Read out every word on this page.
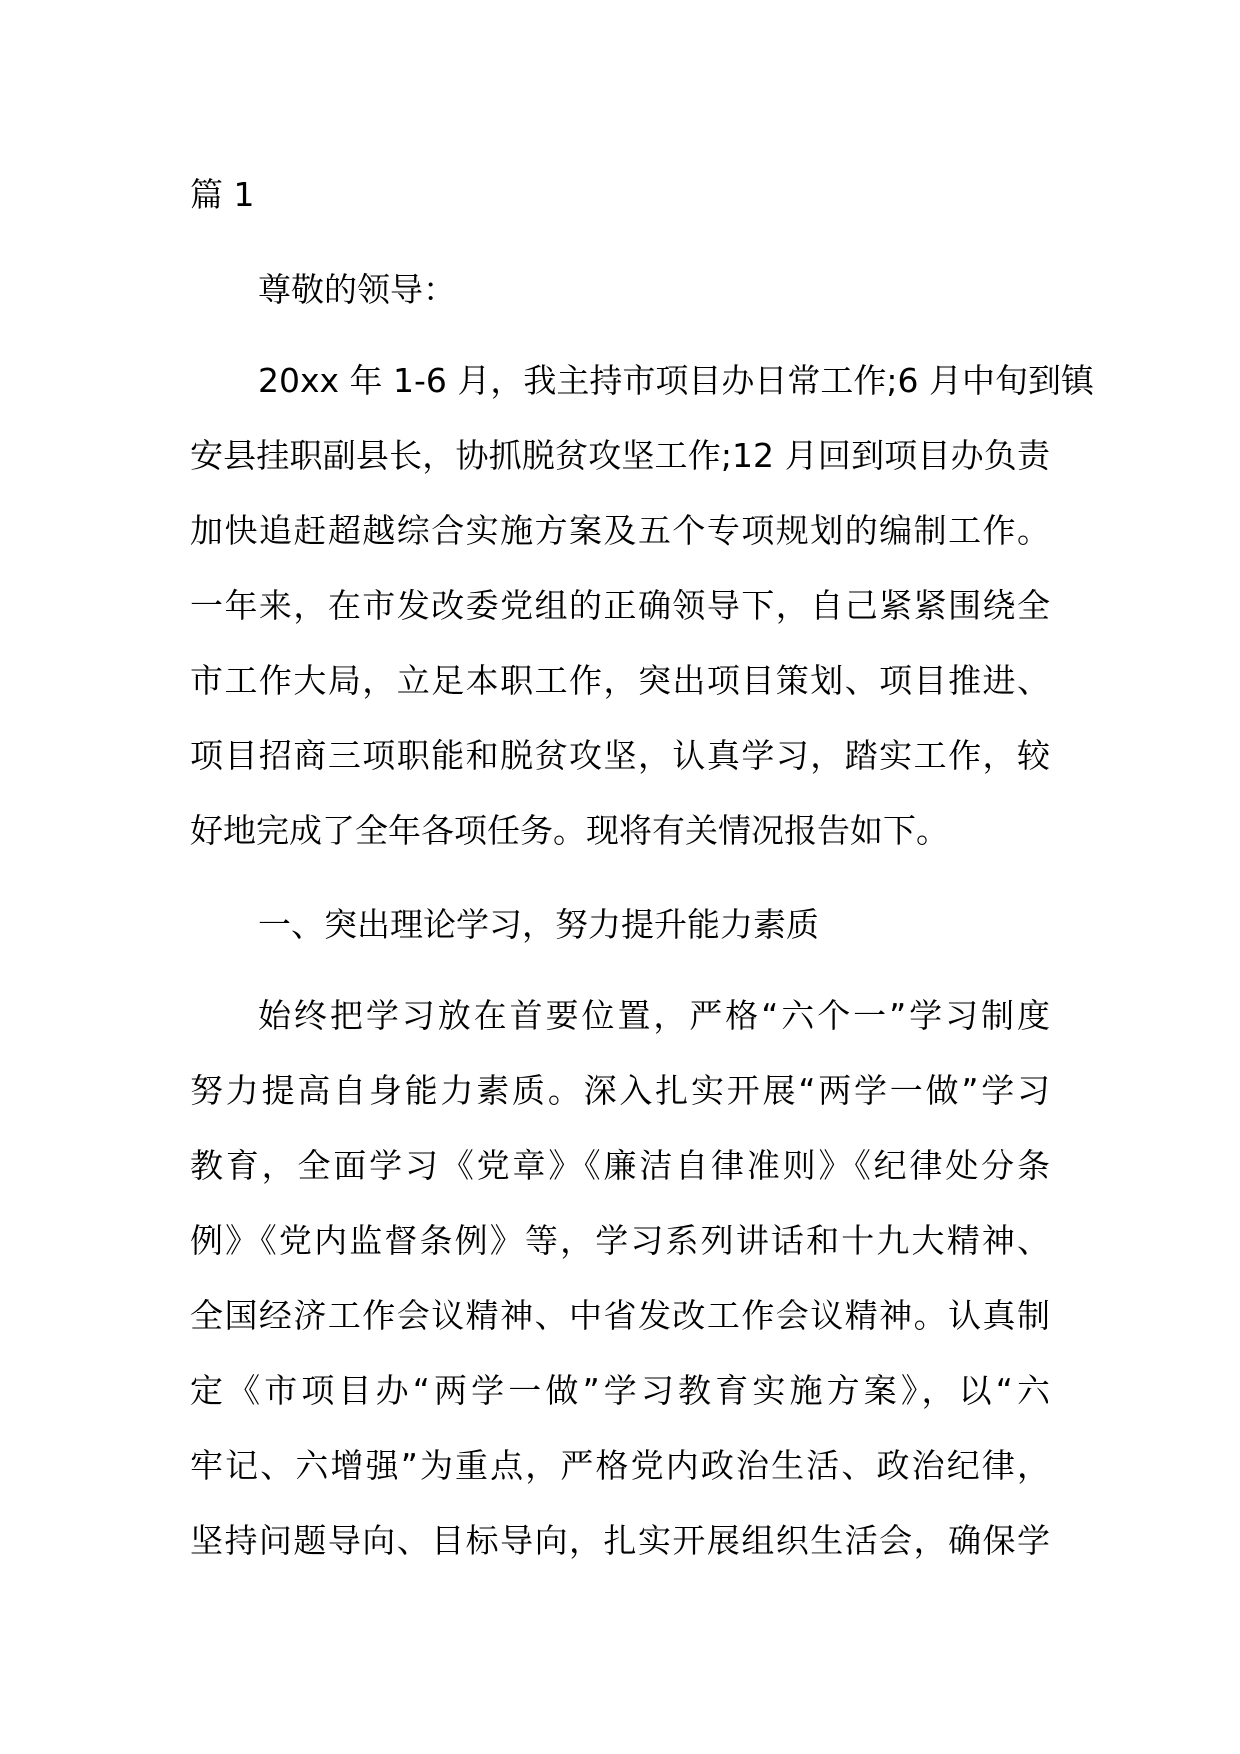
篇 1
尊敬的领导：
20xx 年 1-6 月，我主持市项目办日常工作;6 月中旬到镇
安县挂职副县长，协抓脱贫攻坚工作;12 月回到项目办负责
加快追赶超越综合实施方案及五个专项规划的编制工作。
一年来，在市发改委党组的正确领导下，自己紧紧围绕全
市工作大局，立足本职工作，突出项目策划、项目推进、
项目招商三项职能和脱贫攻坚，认真学习，踏实工作，较
好地完成了全年各项任务。现将有关情况报告如下。
一、突出理论学习，努力提升能力素质
始终把学习放在首要位置，严格“六个一”学习制度
努力提高自身能力素质。深入扎实开展“两学一做”学习
教育，全面学习《党章》《廉洁自律准则》《纪律处分条
例》《党内监督条例》等，学习系列讲话和十九大精神、
全国经济工作会议精神、中省发改工作会议精神。认真制
定《市项目办“两学一做”学习教育实施方案》，以“六
牢记、六增强”为重点，严格党内政治生活、政治纪律，
坚持问题导向、目标导向，扎实开展组织生活会，确保学
